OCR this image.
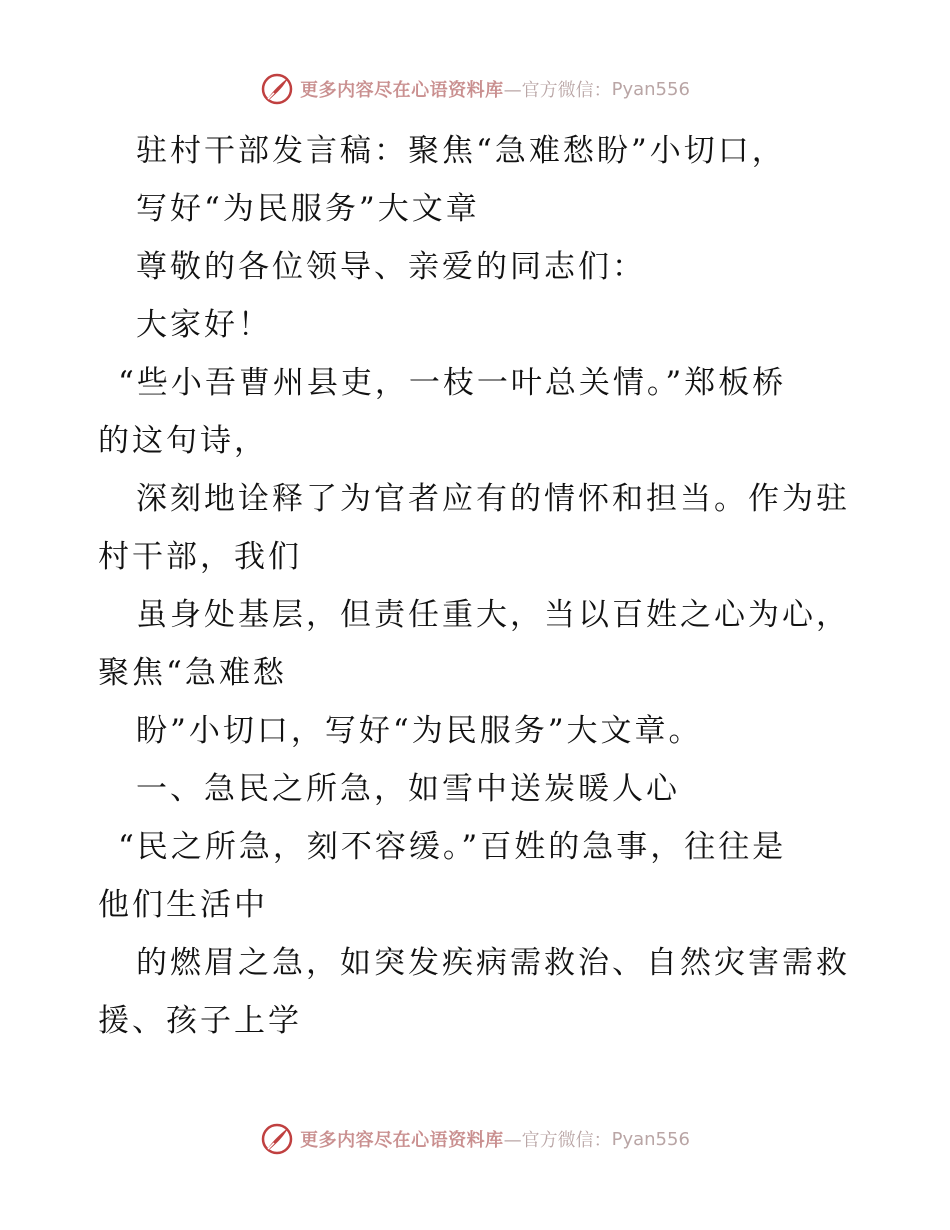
更多内容尽在心语资料库 —官方微信： Pyan556
驻村干部发言稿：聚焦“急难愁盼”小切口，
写好“为民服务”大文章
尊敬的各位领导、亲爱的同志们：
大家好！
“些小吾曹州县吏，一枝一叶总关情。”郑板桥
的这句诗，
深刻地诠释了为官者应有的情怀和担当。作为驻
村干部，我们
虽身处基层，但责任重大，当以百姓之心为心，
聚焦“急难愁
盼”小切口，写好“为民服务”大文章。
一、急民之所急，如雪中送炭暖人心
“民之所急，刻不容缓。”百姓的急事，往往是
他们生活中
的燃眉之急，如突发疾病需救治、自然灾害需救
援、孩子上学
更多内容尽在心语资料库 —官方微信： Pyan556
